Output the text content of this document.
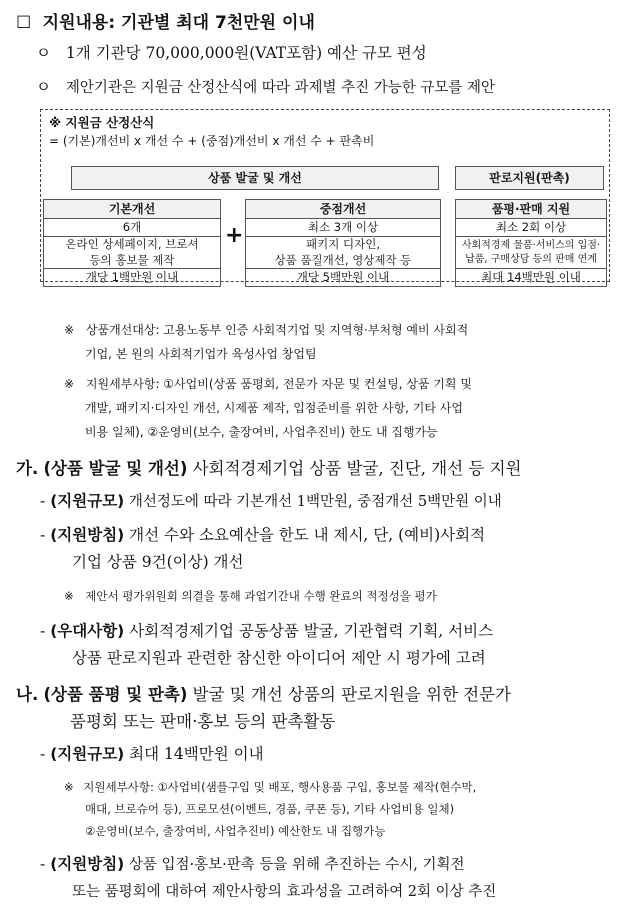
☐ 지원내용: 기관별 최대 7천만원 이내
ㅇ 1개 기관당 70,000,000원(VAT포함) 예산 규모 편성
ㅇ 제안기관은 지원금 산정산식에 따라 과제별 추진 가능한 규모를 제안
※ 지원금 산정산식
= (기본)개선비 x 개선 수 + (중점)개선비 x 개선 수 + 판촉비
상품 발굴 및 개선	판로지원(판촉)
기본개선
6개
온라인 상세페이지, 브로셔
등의 홍보물 제작
개당 1백만원 이내
+
중점개선
최소 3개 이상
패키지 디자인,
상품 품질개선, 영상제작 등
개당 5백만원 이내
품평·판매 지원
최소 2회 이상
사회적경제 물품·서비스의 입점·
납품, 구매상담 등의 판매 연계
최대 14백만원 이내
※ 상품개선대상: 고용노동부 인증 사회적기업 및 지역형·부처형 예비 사회적
기업, 본 원의 사회적기업가 육성사업 창업팀
※ 지원세부사항: ①사업비(상품 품평회, 전문가 자문 및 컨설팅, 상품 기획 및
개발, 패키지·디자인 개선, 시제품 제작, 입점준비를 위한 사항, 기타 사업
비용 일체), ②운영비(보수, 출장여비, 사업추진비) 한도 내 집행가능
가. (상품 발굴 및 개선) 사회적경제기업 상품 발굴, 진단, 개선 등 지원
- (지원규모) 개선정도에 따라 기본개선 1백만원, 중점개선 5백만원 이내
- (지원방침) 개선 수와 소요예산을 한도 내 제시, 단, (예비)사회적
기업 상품 9건(이상) 개선
※ 제안서 평가위원회 의결을 통해 과업기간내 수행 완료의 적정성을 평가
- (우대사항) 사회적경제기업 공동상품 발굴, 기관협력 기획, 서비스
상품 판로지원과 관련한 참신한 아이디어 제안 시 평가에 고려
나. (상품 품평 및 판촉) 발굴 및 개선 상품의 판로지원을 위한 전문가
품평회 또는 판매·홍보 등의 판촉활동
- (지원규모) 최대 14백만원 이내
※ 지원세부사항: ①사업비(샘플구입 및 배포, 행사용품 구입, 홍보물 제작(현수막,
매대, 브로슈어 등), 프로모션(이벤트, 경품, 쿠폰 등), 기타 사업비용 일체)
②운영비(보수, 출장여비, 사업추진비) 예산한도 내 집행가능
- (지원방침) 상품 입점·홍보·판촉 등을 위해 추진하는 수시, 기획전
또는 품평회에 대하여 제안사항의 효과성을 고려하여 2회 이상 추진
